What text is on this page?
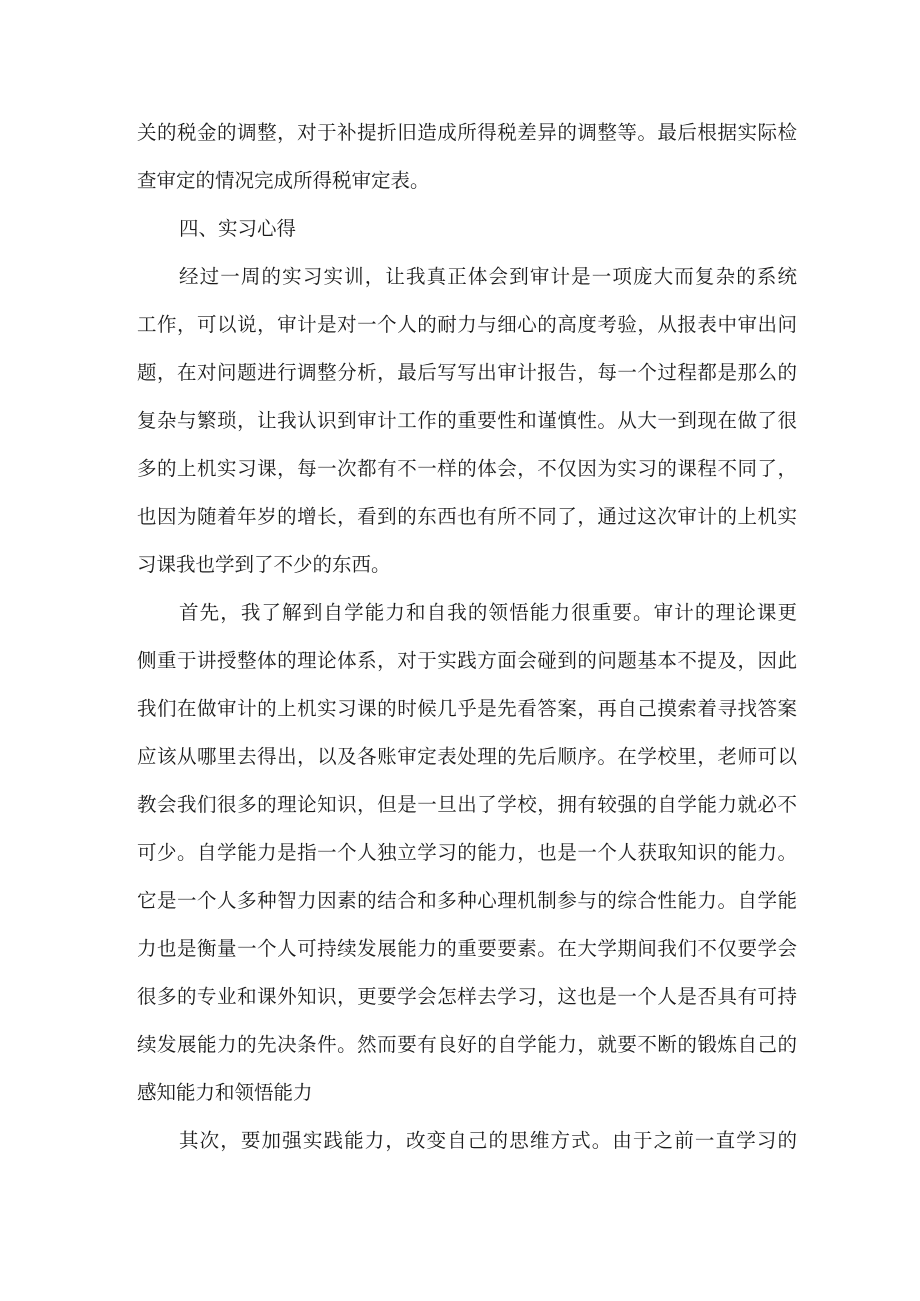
关的税金的调整，对于补提折旧造成所得税差异的调整等。最后根据实际检
查审定的情况完成所得税审定表。
四、实习心得
经过一周的实习实训，让我真正体会到审计是一项庞大而复杂的系统
工作，可以说，审计是对一个人的耐力与细心的高度考验，从报表中审出问
题，在对问题进行调整分析，最后写写出审计报告，每一个过程都是那么的
复杂与繁琐，让我认识到审计工作的重要性和谨慎性。从大一到现在做了很
多的上机实习课，每一次都有不一样的体会，不仅因为实习的课程不同了，
也因为随着年岁的增长，看到的东西也有所不同了，通过这次审计的上机实
习课我也学到了不少的东西。
首先，我了解到自学能力和自我的领悟能力很重要。审计的理论课更
侧重于讲授整体的理论体系，对于实践方面会碰到的问题基本不提及，因此
我们在做审计的上机实习课的时候几乎是先看答案，再自己摸索着寻找答案
应该从哪里去得出，以及各账审定表处理的先后顺序。在学校里，老师可以
教会我们很多的理论知识，但是一旦出了学校，拥有较强的自学能力就必不
可少。自学能力是指一个人独立学习的能力，也是一个人获取知识的能力。
它是一个人多种智力因素的结合和多种心理机制参与的综合性能力。自学能
力也是衡量一个人可持续发展能力的重要要素。在大学期间我们不仅要学会
很多的专业和课外知识，更要学会怎样去学习，这也是一个人是否具有可持
续发展能力的先决条件。然而要有良好的自学能力，就要不断的锻炼自己的
感知能力和领悟能力
其次，要加强实践能力，改变自己的思维方式。由于之前一直学习的
